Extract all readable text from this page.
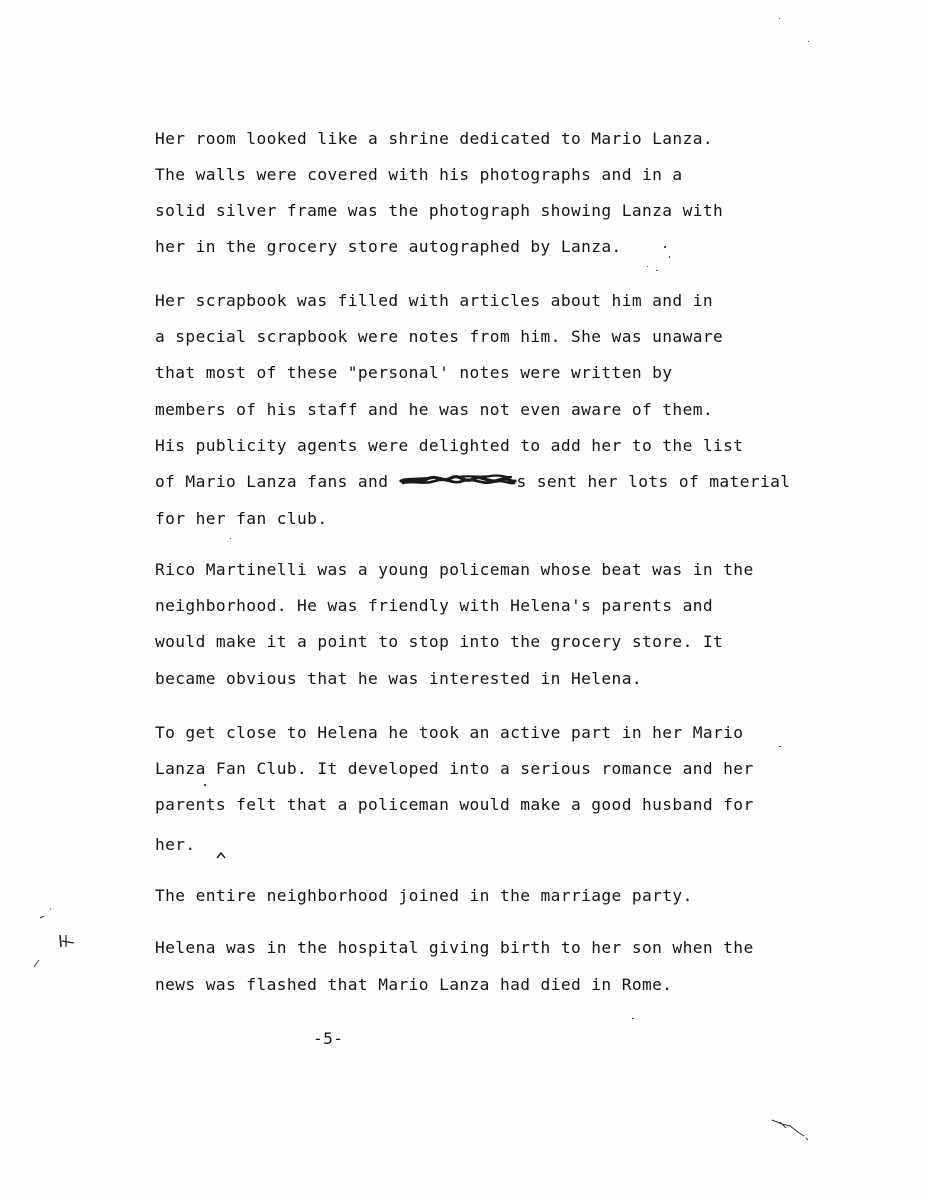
Her room looked like a shrine dedicated to Mario Lanza.
The walls were covered with his photographs and in a
solid silver frame was the photograph showing Lanza with
her in the grocery store autographed by Lanza.
Her scrapbook was filled with articles about him and in
a special scrapbook were notes from him. She was unaware
that most of these "personal' notes were written by
members of his staff and he was not even aware of them.
His publicity agents were delighted to add her to the list
of Mario Lanza fans and	s sent her lots of material
for her fan club.
Rico Martinelli was a young policeman whose beat was in the
neighborhood. He was friendly with Helena's parents and
would make it a point to stop into the grocery store. It
became obvious that he was interested in Helena.
To get close to Helena he took an active part in her Mario
Lanza Fan Club. It developed into a serious romance and her
parents felt that a policeman would make a good husband for
her.
The entire neighborhood joined in the marriage party.
Helena was in the hospital giving birth to her son when the
news was flashed that Mario Lanza had died in Rome.
-5-
